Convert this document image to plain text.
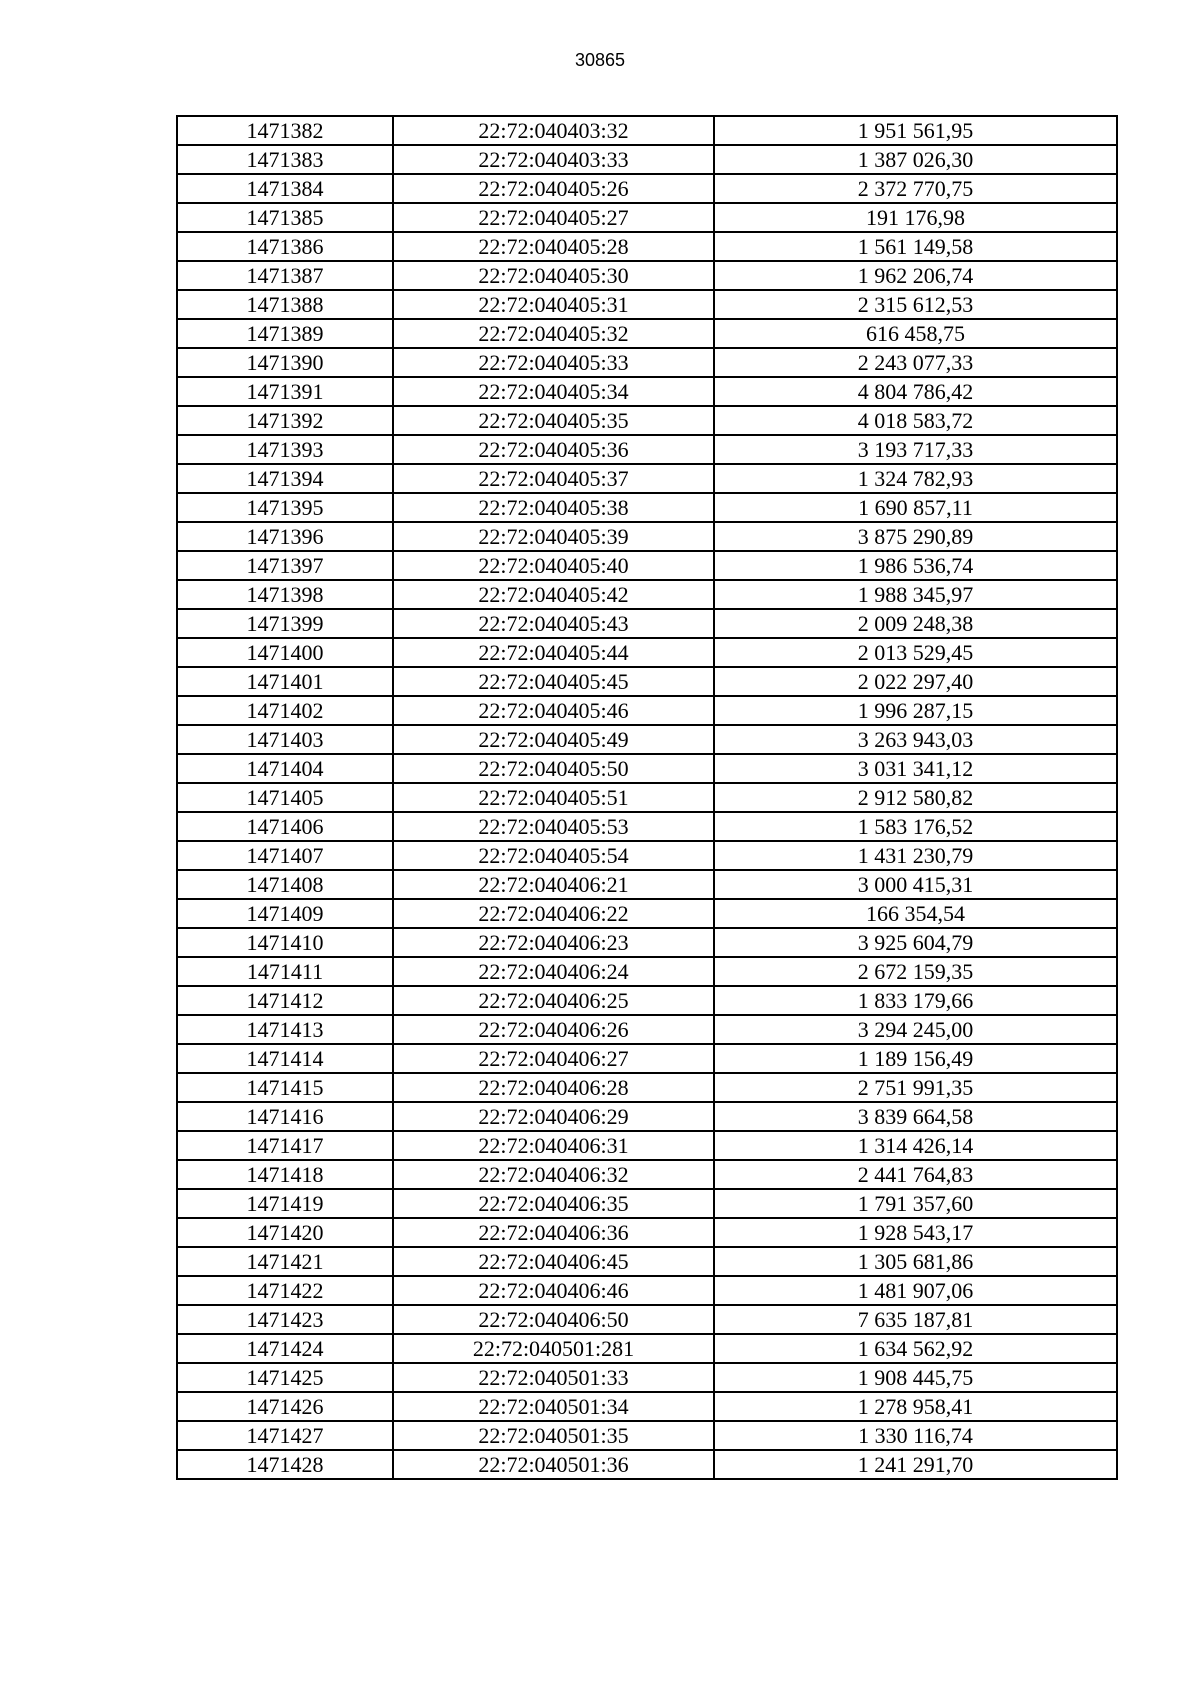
30865
1471382	22:72:040403:32	1 951 561,95
1471383	22:72:040403:33	1 387 026,30
1471384	22:72:040405:26	2 372 770,75
1471385	22:72:040405:27	191 176,98
1471386	22:72:040405:28	1 561 149,58
1471387	22:72:040405:30	1 962 206,74
1471388	22:72:040405:31	2 315 612,53
1471389	22:72:040405:32	616 458,75
1471390	22:72:040405:33	2 243 077,33
1471391	22:72:040405:34	4 804 786,42
1471392	22:72:040405:35	4 018 583,72
1471393	22:72:040405:36	3 193 717,33
1471394	22:72:040405:37	1 324 782,93
1471395	22:72:040405:38	1 690 857,11
1471396	22:72:040405:39	3 875 290,89
1471397	22:72:040405:40	1 986 536,74
1471398	22:72:040405:42	1 988 345,97
1471399	22:72:040405:43	2 009 248,38
1471400	22:72:040405:44	2 013 529,45
1471401	22:72:040405:45	2 022 297,40
1471402	22:72:040405:46	1 996 287,15
1471403	22:72:040405:49	3 263 943,03
1471404	22:72:040405:50	3 031 341,12
1471405	22:72:040405:51	2 912 580,82
1471406	22:72:040405:53	1 583 176,52
1471407	22:72:040405:54	1 431 230,79
1471408	22:72:040406:21	3 000 415,31
1471409	22:72:040406:22	166 354,54
1471410	22:72:040406:23	3 925 604,79
1471411	22:72:040406:24	2 672 159,35
1471412	22:72:040406:25	1 833 179,66
1471413	22:72:040406:26	3 294 245,00
1471414	22:72:040406:27	1 189 156,49
1471415	22:72:040406:28	2 751 991,35
1471416	22:72:040406:29	3 839 664,58
1471417	22:72:040406:31	1 314 426,14
1471418	22:72:040406:32	2 441 764,83
1471419	22:72:040406:35	1 791 357,60
1471420	22:72:040406:36	1 928 543,17
1471421	22:72:040406:45	1 305 681,86
1471422	22:72:040406:46	1 481 907,06
1471423	22:72:040406:50	7 635 187,81
1471424	22:72:040501:281	1 634 562,92
1471425	22:72:040501:33	1 908 445,75
1471426	22:72:040501:34	1 278 958,41
1471427	22:72:040501:35	1 330 116,74
1471428	22:72:040501:36	1 241 291,70
